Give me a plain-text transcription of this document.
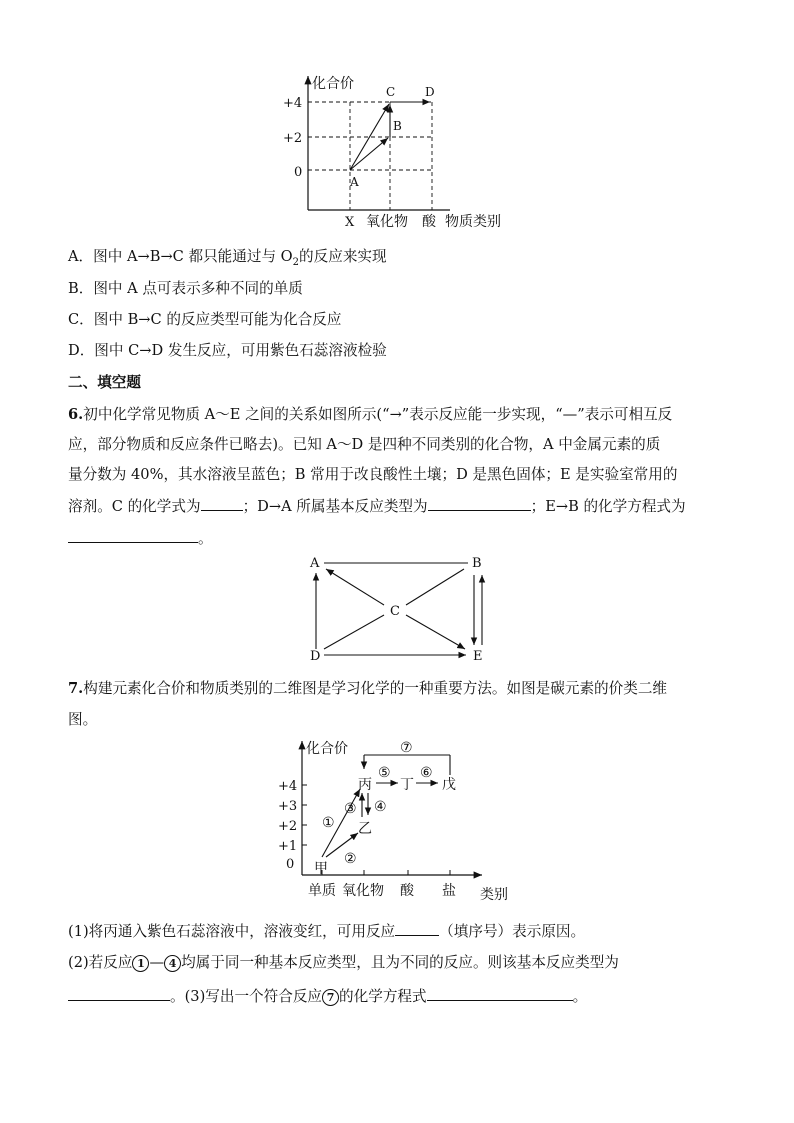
化合价
+4
+2
0
X 氧化物 酸 物质类别
A
B
C D
A．图中 A→B→C 都只能通过与 $O_2$的反应来实现
B．图中 A 点可表示多种不同的单质
C．图中 B→C 的反应类型可能为化合反应
D．图中 C→D 发生反应，可用紫色石蕊溶液检验
二、填空题
6.初中化学常见物质 A～E 之间的关系如图所示(“→”表示反应能一步实现，“—”表示可相互反
应，部分物质和反应条件已略去)。已知 A～D 是四种不同类别的化合物，A 中金属元素的质
量分数为 40%，其水溶液呈蓝色；B 常用于改良酸性土壤；D 是黑色固体；E 是实验室常用的
溶剂。C 的化学式为	；D→A 所属基本反应类型为	；E→B 的化学方程式为
。
A	B
C
D	E
7.构建元素化合价和物质类别的二维图是学习化学的一种重要方法。如图是碳元素的价类二维
图。
化合价
+4
+3
+2
+1
0
单质 氧化物 酸 盐 类别
甲
乙
丙 丁 戊
①
②
③ ④
⑤ ⑥
⑦
(1)将丙通入紫色石蕊溶液中，溶液变红，可用反应	（填序号）表示原因。
(2)若反应 1 — 4 均属于同一种基本反应类型，且为不同的反应。则该基本反应类型为
。(3)写出一个符合反应 7 的化学方程式	。
